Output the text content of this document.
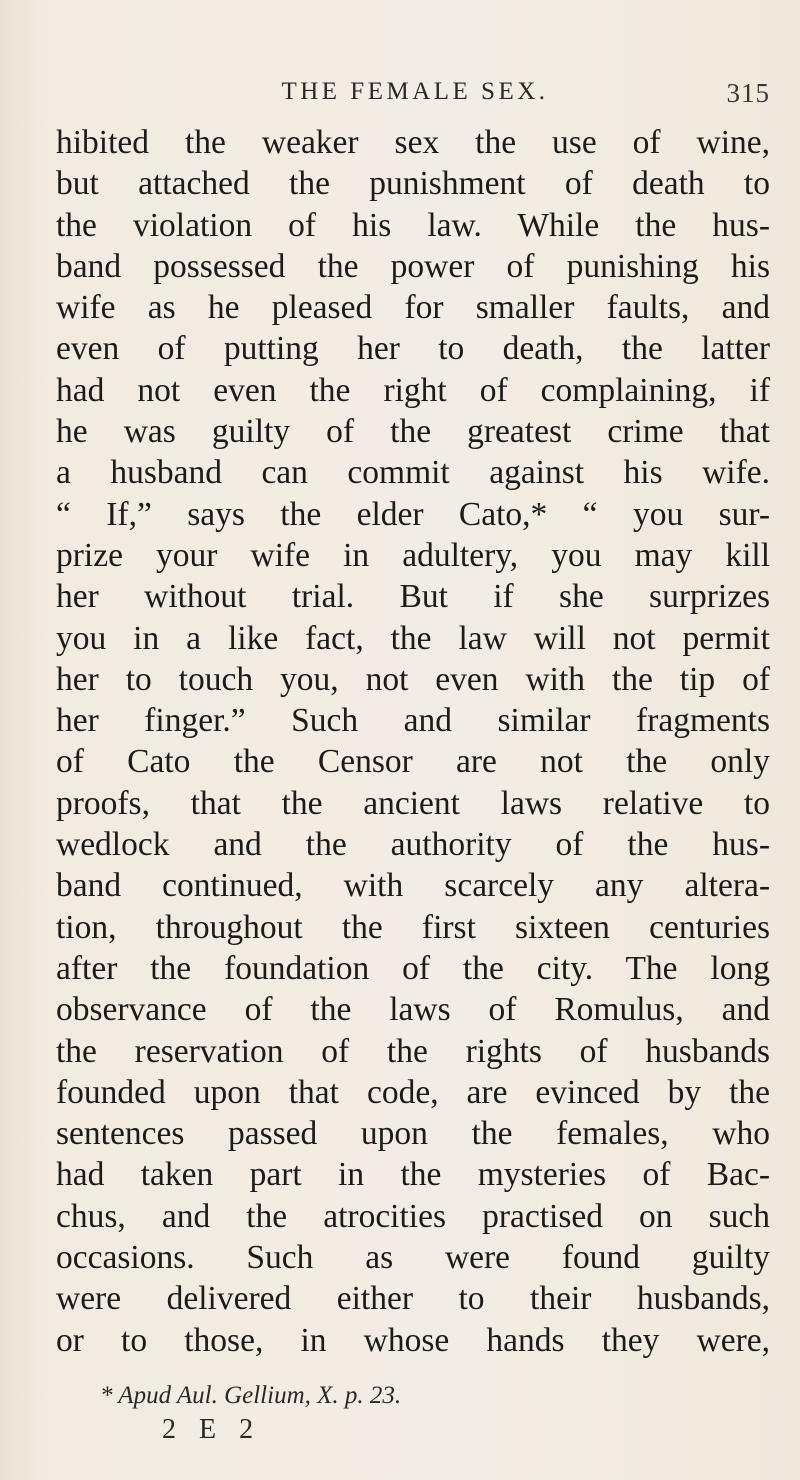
THE FEMALE SEX.	315
hibited the weaker sex the use of wine,
but attached the punishment of death to
the violation of his law. While the hus-
band possessed the power of punishing his
wife as he pleased for smaller faults, and
even of putting her to death, the latter
had not even the right of complaining, if
he was guilty of the greatest crime that
a husband can commit against his wife.
“ If,” says the elder Cato,* “ you sur-
prize your wife in adultery, you may kill
her without trial. But if she surprizes
you in a like fact, the law will not permit
her to touch you, not even with the tip of
her finger.” Such and similar fragments
of Cato the Censor are not the only
proofs, that the ancient laws relative to
wedlock and the authority of the hus-
band continued, with scarcely any altera-
tion, throughout the first sixteen centuries
after the foundation of the city. The long
observance of the laws of Romulus, and
the reservation of the rights of husbands
founded upon that code, are evinced by the
sentences passed upon the females, who
had taken part in the mysteries of Bac-
chus, and the atrocities practised on such
occasions. Such as were found guilty
were delivered either to their husbands,
or to those, in whose hands they were,
* Apud Aul. Gellium, X. p. 23.
2 E 2
